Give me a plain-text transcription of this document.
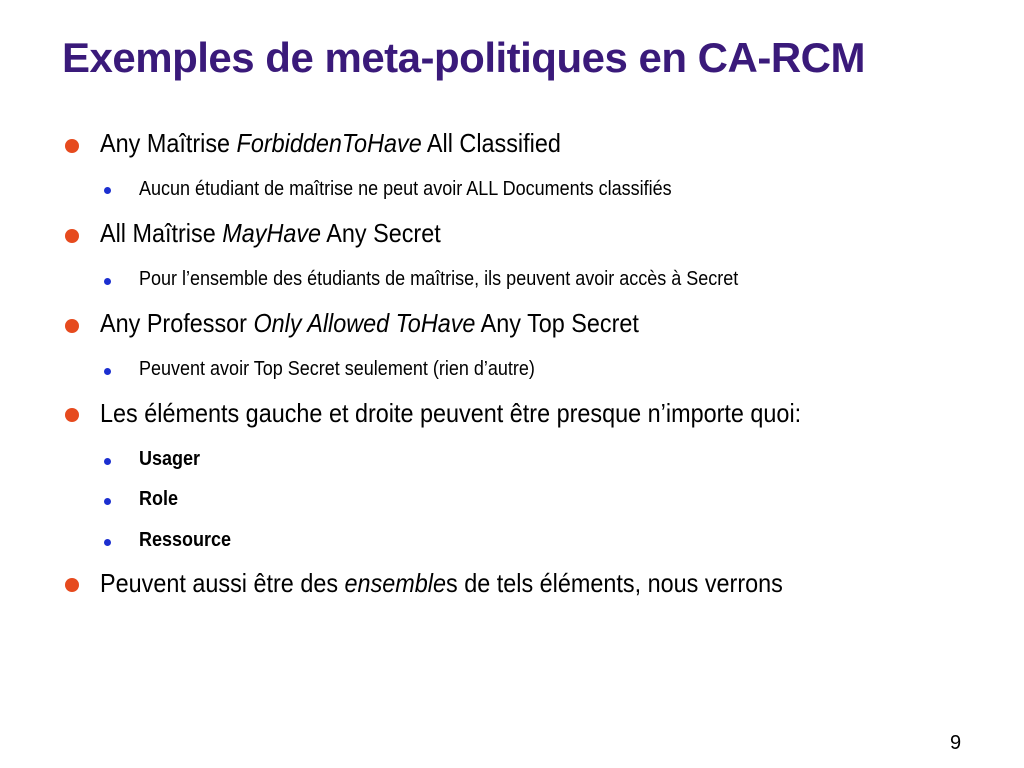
Exemples de meta-politiques en CA-RCM
Any Maîtrise ForbiddenToHave All Classified
Aucun étudiant de maîtrise ne peut avoir ALL Documents classifiés
All Maîtrise MayHave Any Secret
Pour l’ensemble des étudiants de maîtrise, ils peuvent avoir accès à Secret
Any Professor Only Allowed ToHave Any Top Secret
Peuvent avoir Top Secret seulement (rien d’autre)
Les éléments gauche et droite peuvent être presque n’importe quoi:
Usager
Role
Ressource
Peuvent aussi être des ensembles de tels éléments, nous verrons
9
